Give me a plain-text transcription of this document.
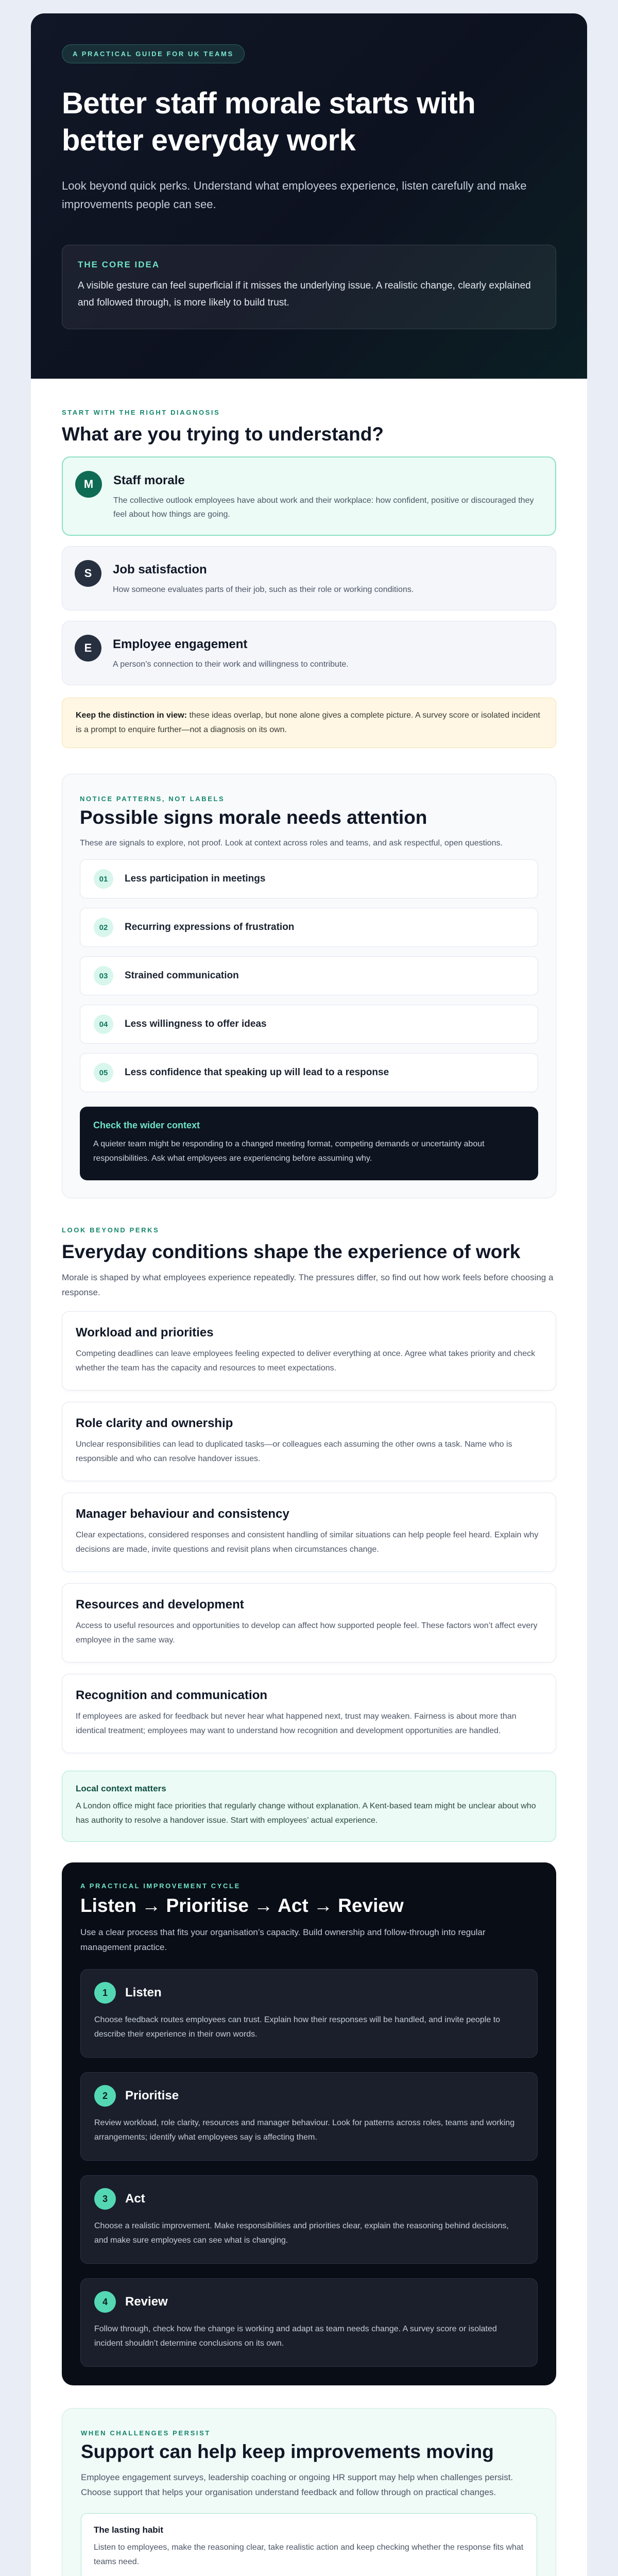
A PRACTICAL GUIDE FOR UK TEAMS
Better staff morale starts with better everyday work

Look beyond quick perks. Understand what employees experience, listen carefully and make improvements people can see.

THE CORE IDEA

A visible gesture can feel superficial if it misses the underlying issue. A realistic change, clearly explained and followed through, is more likely to build trust.

START WITH THE RIGHT DIAGNOSIS
What are you trying to understand?
M	Staff morale

The collective outlook employees have about work and their workplace: how confident, positive or discouraged they feel about how things are going.

S	Job satisfaction

How someone evaluates parts of their job, such as their role or working conditions.

E	Employee engagement

A person’s connection to their work and willingness to contribute.

Keep the distinction in view: these ideas overlap, but none alone gives a complete picture. A survey score or isolated incident is a prompt to enquire further—not a diagnosis on its own.
NOTICE PATTERNS, NOT LABELS
Possible signs morale needs attention

These are signals to explore, not proof. Look at context across roles and teams, and ask respectful, open questions.

01	Less participation in meetings
02	Recurring expressions of frustration
03	Strained communication
04	Less willingness to offer ideas
05	Less confidence that speaking up will lead to a response
Check the wider context

A quieter team might be responding to a changed meeting format, competing demands or uncertainty about responsibilities. Ask what employees are experiencing before assuming why.

LOOK BEYOND PERKS
Everyday conditions shape the experience of work

Morale is shaped by what employees experience repeatedly. The pressures differ, so find out how work feels before choosing a response.

Workload and priorities

Competing deadlines can leave employees feeling expected to deliver everything at once. Agree what takes priority and check whether the team has the capacity and resources to meet expectations.

Role clarity and ownership

Unclear responsibilities can lead to duplicated tasks—or colleagues each assuming the other owns a task. Name who is responsible and who can resolve handover issues.

Manager behaviour and consistency

Clear expectations, considered responses and consistent handling of similar situations can help people feel heard. Explain why decisions are made, invite questions and revisit plans when circumstances change.

Resources and development

Access to useful resources and opportunities to develop can affect how supported people feel. These factors won’t affect every employee in the same way.

Recognition and communication

If employees are asked for feedback but never hear what happened next, trust may weaken. Fairness is about more than identical treatment; employees may want to understand how recognition and development opportunities are handled.

Local context matters

A London office might face priorities that regularly change without explanation. A Kent-based team might be unclear about who has authority to resolve a handover issue. Start with employees’ actual experience.

A PRACTICAL IMPROVEMENT CYCLE
Listen → Prioritise → Act → Review

Use a clear process that fits your organisation’s capacity. Build ownership and follow-through into regular management practice.

1	Listen

Choose feedback routes employees can trust. Explain how their responses will be handled, and invite people to describe their experience in their own words.

2	Prioritise

Review workload, role clarity, resources and manager behaviour. Look for patterns across roles, teams and working arrangements; identify what employees say is affecting them.

3	Act

Choose a realistic improvement. Make responsibilities and priorities clear, explain the reasoning behind decisions, and make sure employees can see what is changing.

4	Review

Follow through, check how the change is working and adapt as team needs change. A survey score or isolated incident shouldn’t determine conclusions on its own.

WHEN CHALLENGES PERSIST
Support can help keep improvements moving

Employee engagement surveys, leadership coaching or ongoing HR support may help when challenges persist. Choose support that helps your organisation understand feedback and follow through on practical changes.

The lasting habit

Listen to employees, make the reasoning clear, take realistic action and keep checking whether the response fits what teams need.
